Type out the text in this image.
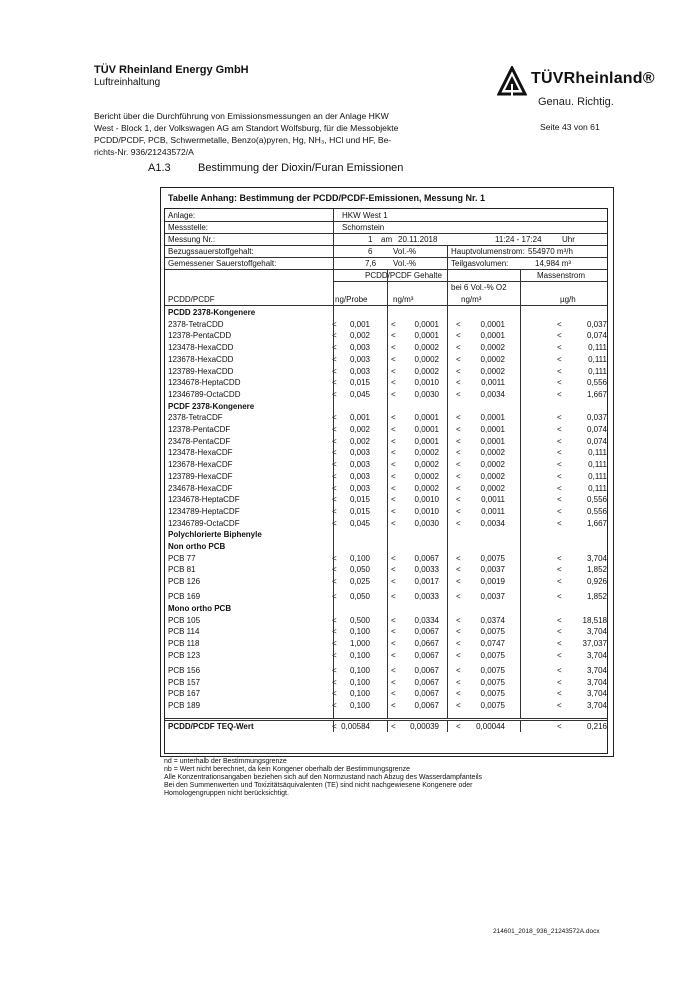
TÜV Rheinland Energy GmbH
Luftreinhaltung
Bericht über die Durchführung von Emissionsmessungen an der Anlage HKW
West - Block 1, der Volkswagen AG am Standort Wolfsburg, für die Messobjekte
PCDD/PCDF, PCB, Schwermetalle, Benzo(a)pyren, Hg, NH₃, HCl und HF, Be-
richts-Nr. 936/21243572/A
TÜVRheinland®
Genau. Richtig.
Seite 43 von 61
A1.3 Bestimmung der Dioxin/Furan Emissionen
Tabelle Anhang: Bestimmung der PCDD/PCDF-Emissionen, Messung Nr. 1
Anlage:	HKW West 1
Messstelle:	Schornstein
Messung Nr.:	1 am 20.11.2018	11:24 - 17:24	Uhr
Bezugssauerstoffgehalt:	6	Vol.-%	Hauptvolumenstrom: 554970 m³/h
Gemessener Sauerstoffgehalt:	7,6 Vol.-%	Teilgasvolumen:	14,984 m³
PCDD/PCDF Gehalte	Massenstrom
bei 6 Vol.-% O2
PCDD/PCDF	ng/Probe	ng/m³	ng/m³	µg/h
PCDD 2378-Kongenere
2378-TetraCDD	<	0,001	<	0,0001 <	0,0001	<	0,037
12378-PentaCDD	<	0,002	<	0,0001 <	0,0001	<	0,074
123478-HexaCDD	<	0,003	<	0,0002 <	0,0002	<	0,111
123678-HexaCDD	<	0,003	<	0,0002 <	0,0002	<	0,111
123789-HexaCDD	<	0,003	<	0,0002 <	0,0002	<	0,111
1234678-HeptaCDD	<	0,015	<	0,0010 <	0,0011	<	0,556
12346789-OctaCDD	<	0,045	<	0,0030 <	0,0034	<	1,667
PCDF 2378-Kongenere
2378-TetraCDF	<	0,001	<	0,0001 <	0,0001	<	0,037
12378-PentaCDF	<	0,002	<	0,0001 <	0,0001	<	0,074
23478-PentaCDF	<	0,002	<	0,0001 <	0,0001	<	0,074
123478-HexaCDF	<	0,003	<	0,0002 <	0,0002	<	0,111
123678-HexaCDF	<	0,003	<	0,0002 <	0,0002	<	0,111
123789-HexaCDF	<	0,003	<	0,0002 <	0,0002	<	0,111
234678-HexaCDF	<	0,003	<	0,0002 <	0,0002	<	0,111
1234678-HeptaCDF	<	0,015	<	0,0010 <	0,0011	<	0,556
1234789-HeptaCDF	<	0,015	<	0,0010 <	0,0011	<	0,556
12346789-OctaCDF	<	0,045	<	0,0030 <	0,0034	<	1,667
Polychlorierte Biphenyle
Non ortho PCB
PCB 77	<	0,100	<	0,0067 <	0,0075	<	3,704
PCB 81	<	0,050	<	0,0033 <	0,0037	<	1,852
PCB 126	<	0,025	<	0,0017 <	0,0019	<	0,926
PCB 169	<	0,050	<	0,0033 <	0,0037	<	1,852
Mono ortho PCB
PCB 105	<	0,500	<	0,0334 <	0,0374	<	18,518
PCB 114	<	0,100	<	0,0067 <	0,0075	<	3,704
PCB 118	<	1,000	<	0,0667 <	0,0747	<	37,037
PCB 123	<	0,100	<	0,0067 <	0,0075	<	3,704
PCB 156	<	0,100	<	0,0067 <	0,0075	<	3,704
PCB 157	<	0,100	<	0,0067 <	0,0075	<	3,704
PCB 167	<	0,100	<	0,0067 <	0,0075	<	3,704
PCB 189	<	0,100	<	0,0067 <	0,0075	<	3,704
PCDD/PCDF TEQ-Wert	< 0,00584	<	0,00039 <	0,00044	<	0,216
nd = unterhalb der Bestimmungsgrenze
nb = Wert nicht berechnet, da kein Kongener oberhalb der Bestimmungsgrenze
Alle Konzentrationsangaben beziehen sich auf den Normzustand nach Abzug des Wasserdampfanteils
Bei den Summenwerten und Toxizitätsäquivalenten (TE) sind nicht nachgewiesene Kongenere oder
Homologengruppen nicht berücksichtigt.
214601_2018_936_21243572A.docx
